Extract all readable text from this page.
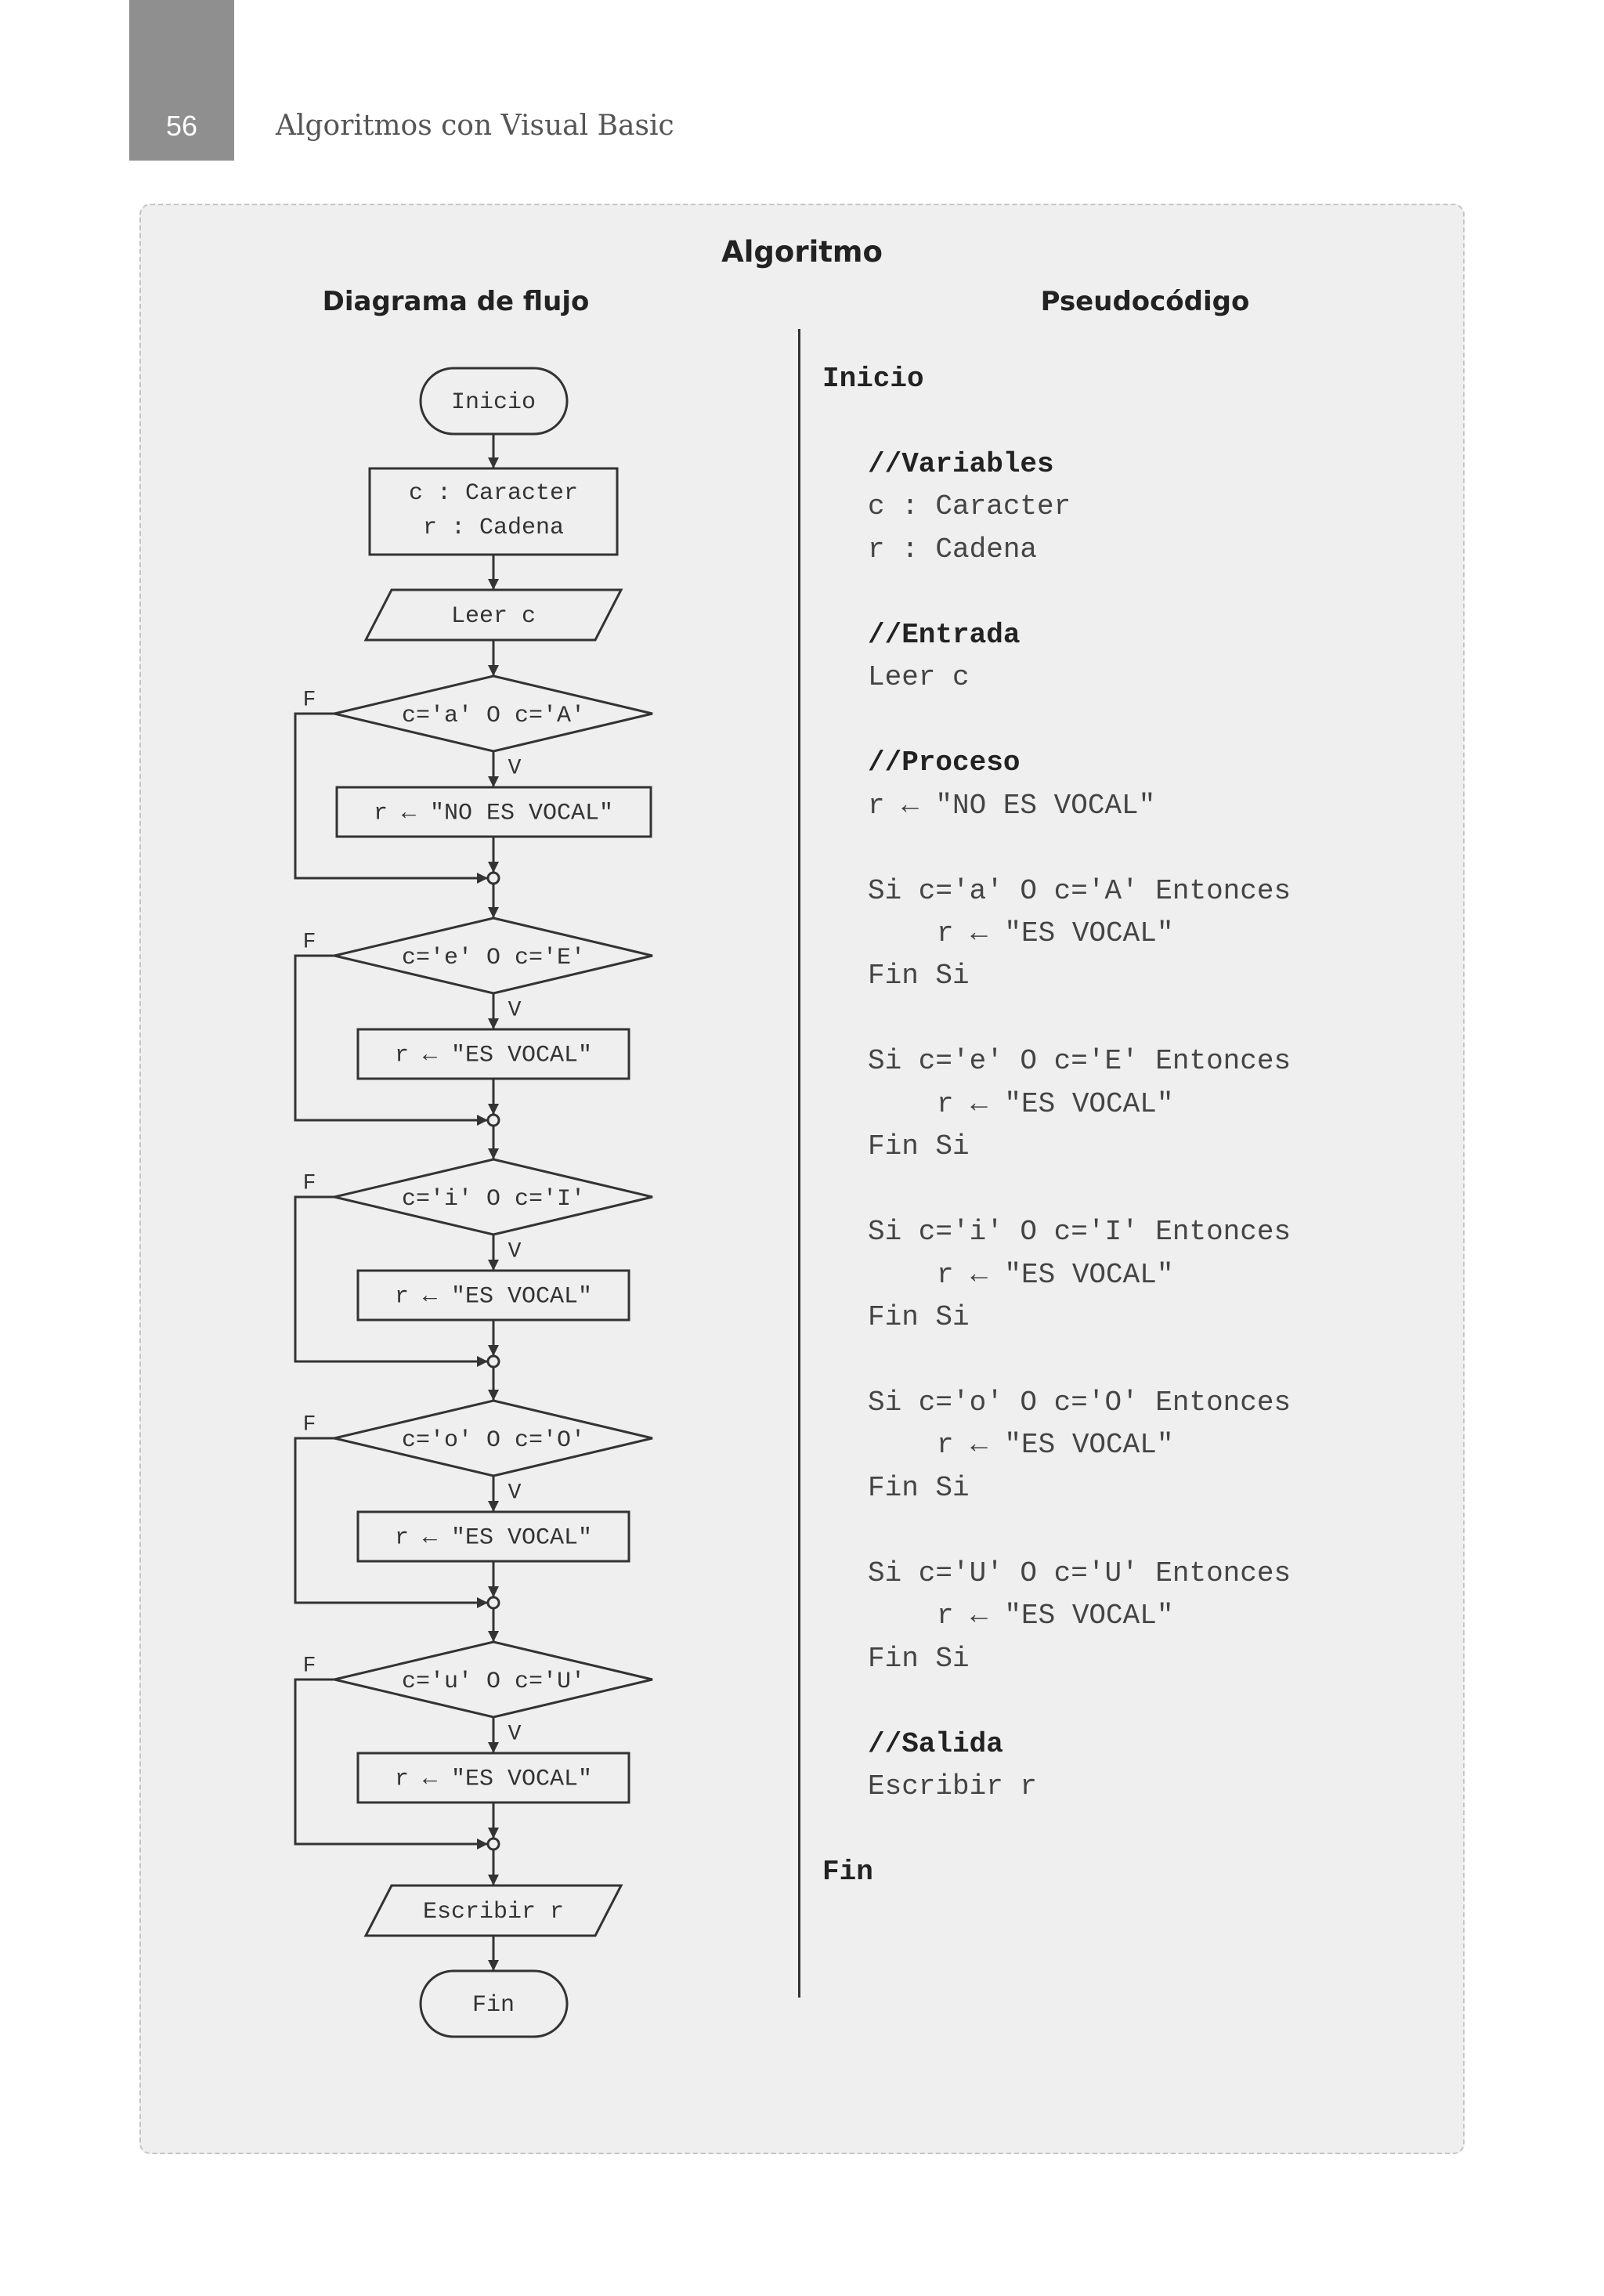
56	Algoritmos con Visual Basic
Algoritmo
Diagrama de flujo	Pseudocódigo
Inicio
c : Caracter
r : Cadena
Leer c
c='a' O c='A'
V
r ← "NO ES VOCAL"
F
c='e' O c='E'
V
r ← "ES VOCAL"
F
c='i' O c='I'
V
r ← "ES VOCAL"
F
c='o' O c='O'
V
r ← "ES VOCAL"
F
c='u' O c='U'
V
r ← "ES VOCAL"
F
Escribir r
Fin
Inicio
//Variables
c : Caracter
r : Cadena
//Entrada
Leer c
//Proceso
r ← "NO ES VOCAL"
Si c='a' O c='A' Entonces
r ← "ES VOCAL"
Fin Si
Si c='e' O c='E' Entonces
r ← "ES VOCAL"
Fin Si
Si c='i' O c='I' Entonces
r ← "ES VOCAL"
Fin Si
Si c='o' O c='O' Entonces
r ← "ES VOCAL"
Fin Si
Si c='U' O c='U' Entonces
r ← "ES VOCAL"
Fin Si
//Salida
Escribir r
Fin
